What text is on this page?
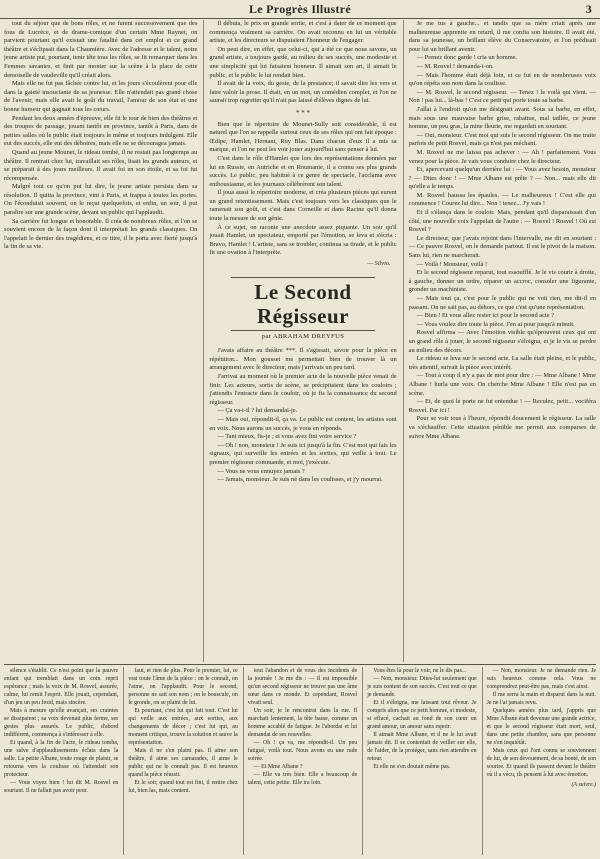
Le Progrès Illustré	3

tout du séjour que de bons rôles, et ne furent successivement que des fous de Lucrèce, et de drame-comique d'un certain Mme Raynet, on parvient pourtant qu'il existait une fatalité dans cet emploi et ce grand théâtre et s'éclipsait dans la Chaumière. Avec de l'adresse et le talent, notre jeune artiste put, pourtant, tenir tête tous les rôles, se fit remarquer dans les Femmes savantes, et finit par monter sur la scène à la place de cette demoiselle de vaudeville qu'il créait alors.

Mais elle ne fut pas fâchée contre lui, et les jours s'écoulèrent pour elle dans la gaieté insouciante de sa jeunesse. Elle n'attendait pas grand chose de l'avenir, mais elle avait le goût du travail, l'amour de son état et une bonne humeur qui gagnait tous les cœurs.

Pendant les deux années d'épreuve, elle fit le tour de bien des théâtres et des troupes de passage, jouant tantôt en province, tantôt à Paris, dans de petites salles où le public était toujours le même et toujours indulgent. Elle eut des succès, elle eut des déboires, mais elle ne se découragea jamais.

Quand au jeune Mounet, le rideau tombé, il ne restait pas longtemps au théâtre. Il rentrait chez lui, travaillait ses rôles, lisait les grands auteurs, et se préparait à des jours meilleurs. Il avait foi en son étoile, et sa foi fut récompensée.

Malgré tout ce qu'on put lui dire, le jeune artiste persista dans sa résolution. Il quitta la province, vint à Paris, et frappa à toutes les portes. On l'éconduisit souvent, on le reçut quelquefois, et enfin, un soir, il put paraître sur une grande scène, devant un public qui l'applaudit.

Sa carrière fut longue et honorable. Il créa de nombreux rôles, et l'on se souvient encore de la façon dont il interprétait les grands classiques. On l'appelait le dernier des tragédiens, et ce titre, il le porta avec fierté jusqu'à la fin de sa vie.

Il débuta, le prix en grande sortie, et c'est à dater de ce moment que commença vraiment sa carrière. On avait reconnu en lui un véritable artiste, et les directeurs se disputaient l'honneur de l'engager.

On peut dire, en effet, que celui-ci, qui a été ce que nous savons, un grand artiste, a toujours gardé, au milieu de ses succès, une modestie et une simplicité qui lui faisaient honneur. Il aimait son art, il aimait le public, et le public le lui rendait bien.

Il avait de la voix, du geste, de la prestance; il savait dire les vers et faire valoir la prose. Il était, en un mot, un comédien complet, et l'on ne saurait trop regretter qu'il n'ait pas laissé d'élèves dignes de lui.

* * *

Bien que le répertoire de Mounet-Sully soit considérable, il est naturel que l'on se rappelle surtout ceux de ses rôles qui ont fait époque : Œdipe, Hamlet, Hernani, Ruy Blas. Dans chacun d'eux il a mis sa marque, et l'on ne peut les voir jouer aujourd'hui sans penser à lui.

C'est dans le rôle d'Hamlet que lors des représentations données par lui en Russie, en Autriche et en Roumanie, il a connu ses plus grands succès. Le public, peu habitué à ce genre de spectacle, l'acclama avec enthousiasme, et les journaux célébrèrent son talent.

Il joua aussi le répertoire moderne, et créa plusieurs pièces qui eurent un grand retentissement. Mais c'est toujours vers les classiques que le ramenait son goût, et c'est dans Corneille et dans Racine qu'il donna toute la mesure de son génie.

À ce sujet, on raconte une anecdote assez piquante. Un soir qu'il jouait Hamlet, un spectateur, emporté par l'émotion, se leva et s'écria : Bravo, Hamlet ! L'artiste, sans se troubler, continua sa tirade, et le public fit une ovation à l'interprète.

— Silvio.
Le Second Régisseur
par ABRAHAM DREYFUS

J'avais affaire au théâtre ***. Il s'agissait, savoir pour la pièce en répétition... Mon gousset me permettait bien de trouver là un arrangement avec le directeur, mais j'arrivais un peu tard.

J'arrivai au moment où le premier acte de la nouvelle pièce venait de finir. Les acteurs, sortis de scène, se précipitaient dans les couloirs ; j'attendis l'entracte dans le couloir, où je fis la connaissance du second régisseur.

— Ça va-t-il ? lui demandai-je.

— Mais oui, répondit-il, ça va. Le public est content, les artistes sont en voix. Nous aurons un succès, je vous en réponds.

— Tant mieux, fis-je ; et vous avez fini votre service ?

— Oh ! non, monsieur ! Je suis ici jusqu'à la fin. C'est moi qui fais les signaux, qui surveille les entrées et les sorties, qui veille à tout. Le premier régisseur commande, et moi, j'exécute.

— Vous ne vous ennuyez jamais ?

— Jamais, monsieur. Je suis né dans les coulisses, et j'y mourrai.

Je me tus à gauche... et tandis que sa mère criait après une malheureuse apprentie en retard, il me confia son histoire. Il avait été, dans sa jeunesse, un brillant élève du Conservatoire, et l'on prédisait pour lui un brillant avenir.

— Prenez donc garde ! cria un homme.

— M. Rosvel ! demanda-t-on.

— Mais l'homme était déjà loin, et ce fut en de nombreuses voix qu'on répéta son nom dans la coulisse.

— M. Rosvel, le second régisseur. — Tenez ! le voilà qui vient. — Non ! pas lui... là-bas ! C'est ce petit qui porte toute sa barbe.

J'allai à l'endroit qu'on me désignait avant. Sous sa barbe, en effet, mais sous une mauvaise barbe grise, rabattue, mal taillée, ce jeune homme, un peu gras, la mine fleurie, me regardait en souriant.

— Oui, monsieur. C'est moi qui suis le second régisseur. On me traite parfois de petit Rosvel, mais ça n'est pas méchant.

M. Rosvel ne me laissa pas achever : — Ah ! parfaitement. Vous venez pour la pièce. Je vais vous conduire chez le directeur.

Et, apercevant quelqu'un derrière lui : — Vous avez besoin, monsieur ? — Dites donc ! — Mme Albane est prête ? — Non... mais elle dit qu'elle a le temps.

M. Rosvel haussa les épaules. — Le malheureux ! C'est elle qui commence ! Courez lui dire... Non ! tenez... J'y vais !

Et il s'élança dans le couloir. Mais, pendant qu'il disparaissait d'un côté, une nouvelle voix l'appelait de l'autre : — Rosvel ! Rosvel ! Où est Rosvel ?

Le directeur, que j'avais rejoint dans l'intervalle, me dit en souriant : — Ce pauvre Rosvel, on le demande partout. Il est le pivot de la maison. Sans lui, rien ne marcherait.

— Voilà ! Monsieur, voilà !

Et le second régisseur reparut, tout essoufflé. Je le vis courir à droite, à gauche, donner un ordre, réparer un accroc, consoler une figurante, gronder un machiniste.

— Mais tout ça, c'est pour le public qui ne voit rien, me dit-il en passant. On ne sait pas, au dehors, ce que c'est qu'une représentation.

— Bien ! Et vous allez rester ici pour le second acte ?

— Vous voulez dire toute la pièce. J'en ai pour jusqu'à minuit.

Rosvel affirma — Avec l'émotion visible qu'éprouvent ceux qui ont un grand rôle à jouer, le second régisseur s'éloigna, et je le vis se perdre au milieu des décors.

Le rideau se leva sur le second acte. La salle était pleine, et le public, très attentif, suivait la pièce avec intérêt.

— Tout à coup il n'y a pas de mot pour dire : — Mme Albane ! Mme Albane ! hurla une voix. On cherche Mme Albane ! Elle n'est pas en scène.

— Et, de quoi le porte ne fut entendue ! — Reculez, petit... vociféra Rosvel. Par ici !

Pour se voir tous à l'heure, répondit doucement le régisseur. La salle va s'échauffer. Cette situation pénible me permit aux comparses de suivre Mme Albane.

silence s'établit. Ce n'est point que la pauvre enfant qui tremblait dans un coin reprit espérance ; mais la voix de M. Rosvel, assurée, calme, lui remit l'esprit. Elle jouait, cependant, d'un jeu un peu froid, mais sincère.

Mais à mesure qu'elle avançait, ses craintes se dissipaient ; sa voix devenait plus ferme, ses gestes plus assurés. Le public, d'abord indifférent, commença à s'intéresser à elle.

Et quand, à la fin de l'acte, le rideau tomba, une salve d'applaudissements éclata dans la salle. La petite Albane, toute rouge de plaisir, se retourna vers la coulisse où l'attendait son protecteur.

— Vous voyez bien ! lui dit M. Rosvel en souriant. Il ne fallait pas avoir peur.

faut, et rien de plus. Pour le premier, lui, ce vrai toute l'âme de la pièce : on le connaît, on l'aime, on l'applaudit. Pour le second, personne ne sait son nom ; on le bouscule, on le gronde, on se plaint de lui.

Et pourtant, c'est lui qui fait tout. C'est lui qui veille aux entrées, aux sorties, aux changements de décor ; c'est lui qui, au moment critique, trouve la solution et sauve la représentation.

Mais il ne s'en plaint pas. Il aime son théâtre, il aime ses camarades, il aime le public qui ne le connaît pas. Il est heureux quand la pièce réussit.

Et le soir, quand tout est fini, il rentre chez lui, bien las, mais content.

tout l'abandon et de vous des incidents de la journée ! Je me dis : — Il est impossible qu'un second régisseur ne trouve pas une âme sœur dans ce monde. Et cependant, Rosvel vivait seul.

Un soir, je le rencontrai dans la rue. Il marchait lentement, la tête basse, comme un homme accablé de fatigue. Je l'abordai et lui demandai de ses nouvelles.

— Oh ! ça va, me répondit-il. Un peu fatigué, voilà tout. Nous avons eu une rude soirée.

— Et Mme Albane ?

— Elle va très bien. Elle a beaucoup de talent, cette petite. Elle ira loin.

Vous êtes là pour le voir, ne le dis pas...

— Non, monsieur. Dites-lui seulement que je suis content de son succès. C'est tout ce que je demande.

Et il s'éloigna, me laissant tout rêveur. Je compris alors que ce petit homme, si modeste, si effacé, cachait au fond de son cœur un grand amour, un amour sans espoir.

Il aimait Mme Albane, et il ne le lui avait jamais dit. Il se contentait de veiller sur elle, de l'aider, de la protéger, sans rien attendre en retour.

Et elle ne s'en doutait même pas.

— Non, monsieur. Je ne demande rien. Je suis heureux comme cela. Vous ne comprendrez peut-être pas, mais c'est ainsi.

Il me serra la main et disparut dans la nuit. Je ne l'ai jamais revu.

Quelques années plus tard, j'appris que Mme Albane était devenue une grande actrice, et que le second régisseur était mort, seul, dans une petite chambre, sans que personne ne s'en inquiétât.

Mais ceux qui l'ont connu se souviennent de lui, de son dévouement, de sa bonté, de son sourire. Et quand ils passent devant le théâtre où il a vécu, ils pensent à lui avec émotion.

(A suivre.)
